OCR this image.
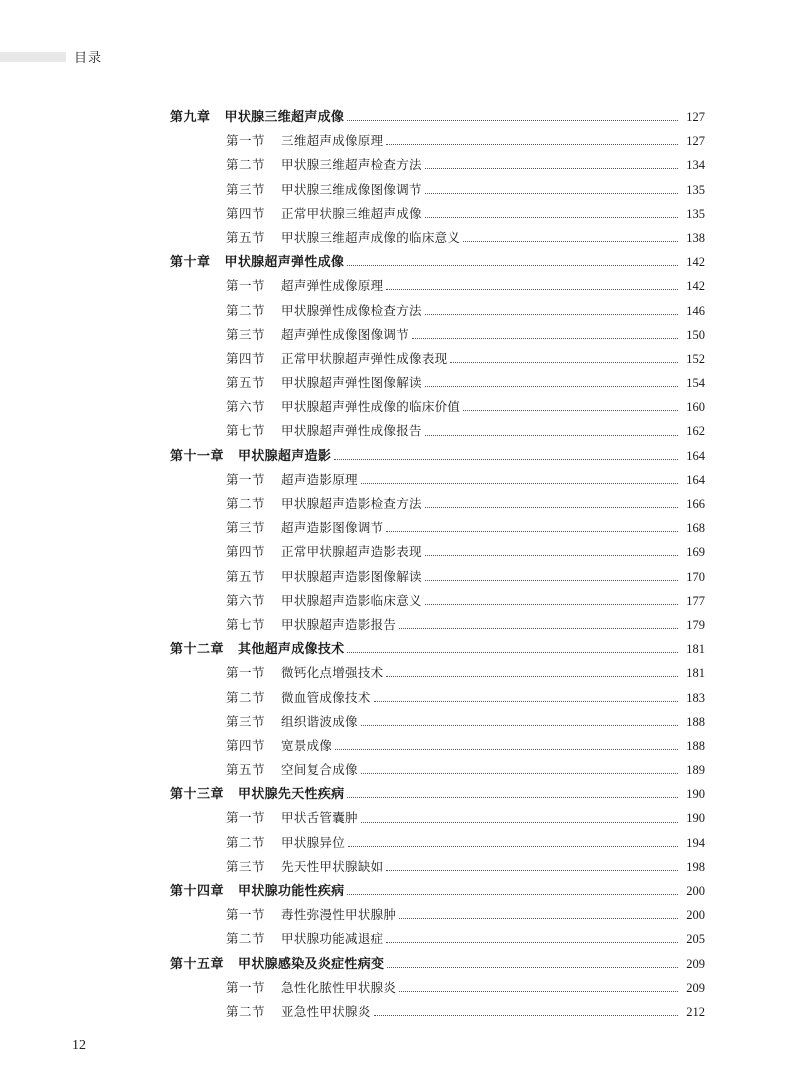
目录
第九章 甲状腺三维超声成像	127
第一节 三维超声成像原理	127
第二节 甲状腺三维超声检查方法	134
第三节 甲状腺三维成像图像调节	135
第四节 正常甲状腺三维超声成像	135
第五节 甲状腺三维超声成像的临床意义	138
第十章 甲状腺超声弹性成像	142
第一节 超声弹性成像原理	142
第二节 甲状腺弹性成像检查方法	146
第三节 超声弹性成像图像调节	150
第四节 正常甲状腺超声弹性成像表现	152
第五节 甲状腺超声弹性图像解读	154
第六节 甲状腺超声弹性成像的临床价值	160
第七节 甲状腺超声弹性成像报告	162
第十一章 甲状腺超声造影	164
第一节 超声造影原理	164
第二节 甲状腺超声造影检查方法	166
第三节 超声造影图像调节	168
第四节 正常甲状腺超声造影表现	169
第五节 甲状腺超声造影图像解读	170
第六节 甲状腺超声造影临床意义	177
第七节 甲状腺超声造影报告	179
第十二章 其他超声成像技术	181
第一节 微钙化点增强技术	181
第二节 微血管成像技术	183
第三节 组织谐波成像	188
第四节 宽景成像	188
第五节 空间复合成像	189
第十三章 甲状腺先天性疾病	190
第一节 甲状舌管囊肿	190
第二节 甲状腺异位	194
第三节 先天性甲状腺缺如	198
第十四章 甲状腺功能性疾病	200
第一节 毒性弥漫性甲状腺肿	200
第二节 甲状腺功能减退症	205
第十五章 甲状腺感染及炎症性病变	209
第一节 急性化脓性甲状腺炎	209
第二节 亚急性甲状腺炎	212
12
